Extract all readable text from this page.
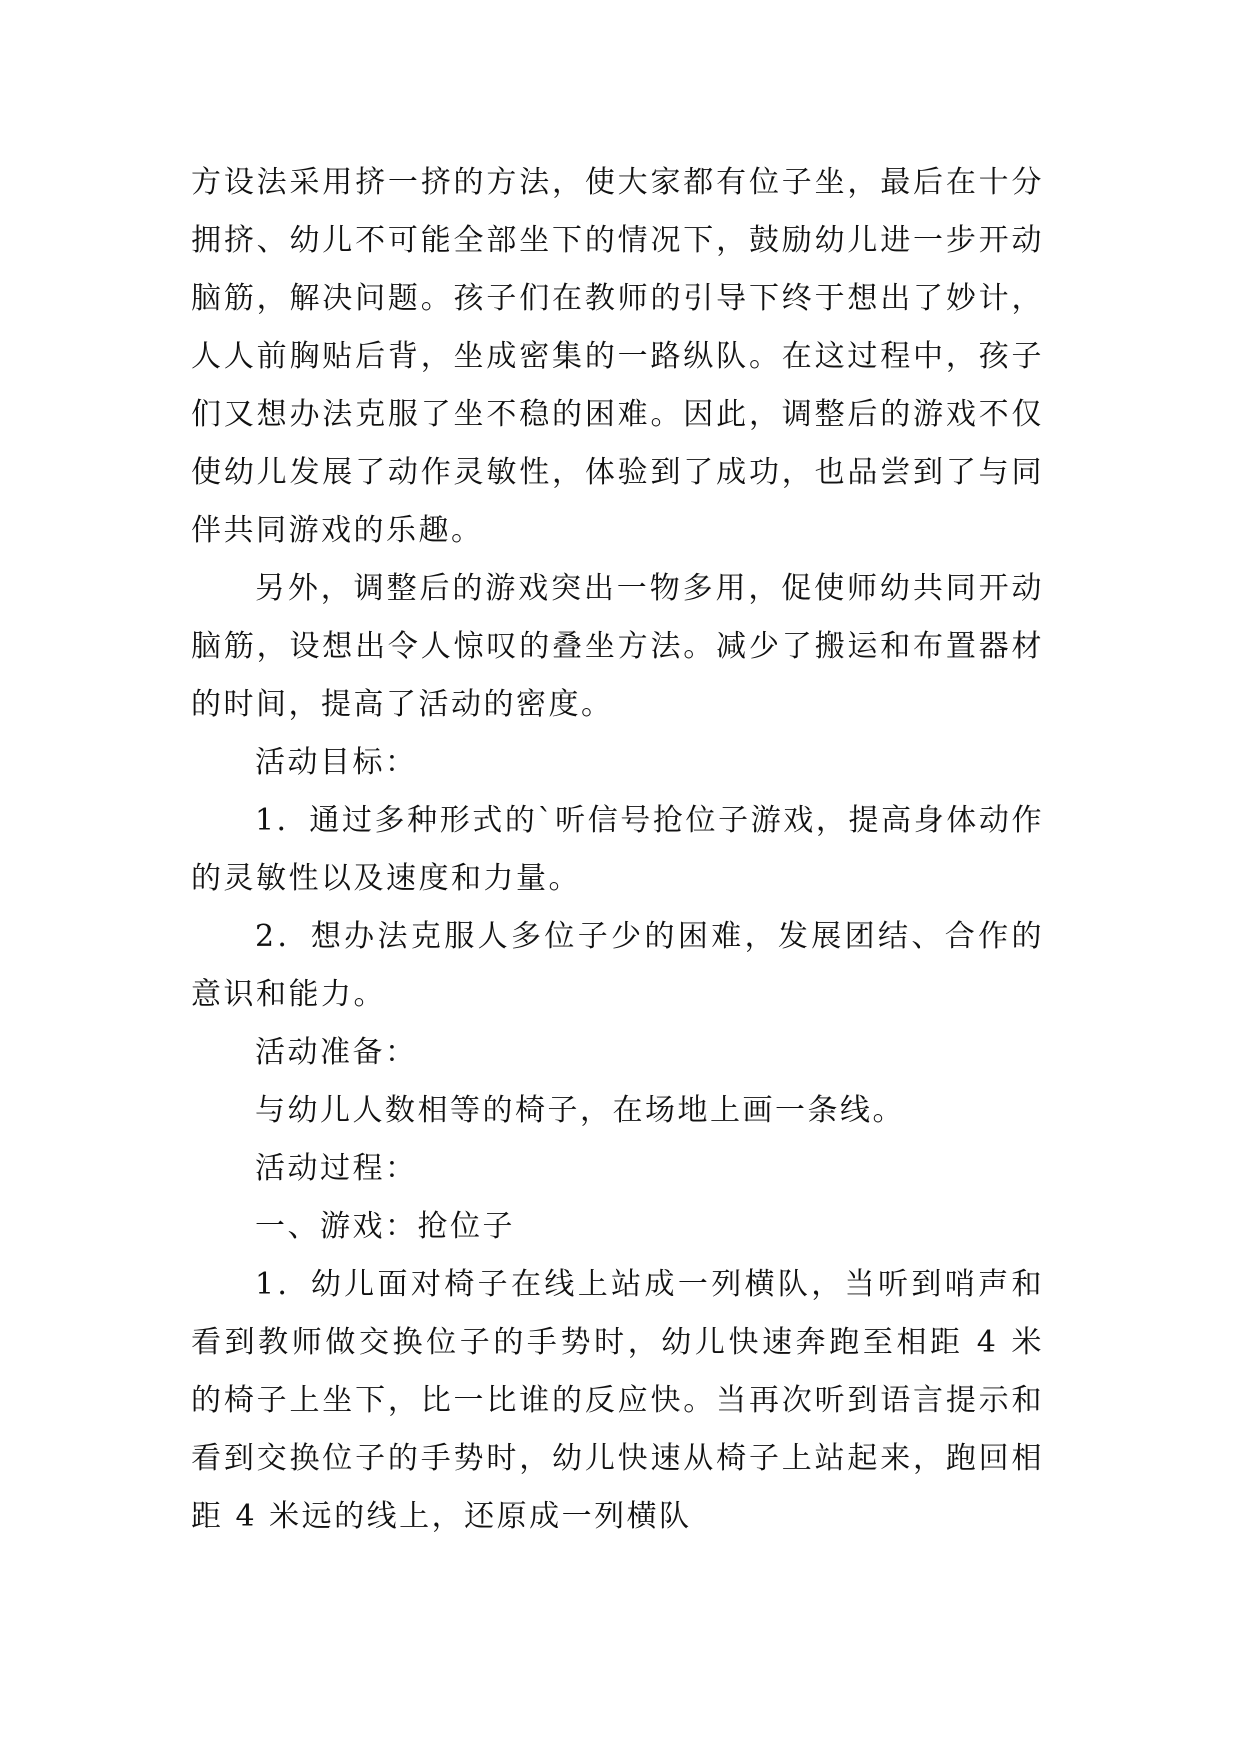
方设法采用挤一挤的方法，使大家都有位子坐，最后在十分
拥挤、幼儿不可能全部坐下的情况下，鼓励幼儿进一步开动
脑筋，解决问题。孩子们在教师的引导下终于想出了妙计，
人人前胸贴后背，坐成密集的一路纵队。在这过程中，孩子
们又想办法克服了坐不稳的困难。因此，调整后的游戏不仅
使幼儿发展了动作灵敏性，体验到了成功，也品尝到了与同
伴共同游戏的乐趣。
另外，调整后的游戏突出一物多用，促使师幼共同开动
脑筋，设想出令人惊叹的叠坐方法。减少了搬运和布置器材
的时间，提高了活动的密度。
活动目标：
1．通过多种形式的`听信号抢位子游戏，提高身体动作
的灵敏性以及速度和力量。
2．想办法克服人多位子少的困难，发展团结、合作的
意识和能力。
活动准备：
与幼儿人数相等的椅子，在场地上画一条线。
活动过程：
一、游戏：抢位子
1．幼儿面对椅子在线上站成一列横队，当听到哨声和
看到教师做交换位子的手势时，幼儿快速奔跑至相距 4 米
的椅子上坐下，比一比谁的反应快。当再次听到语言提示和
看到交换位子的手势时，幼儿快速从椅子上站起来，跑回相
距 4 米远的线上，还原成一列横队
